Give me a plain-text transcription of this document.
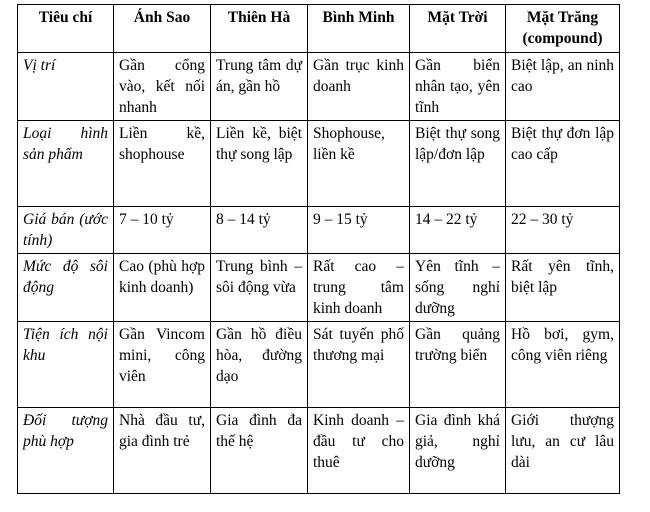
Tiêu chí	Ánh Sao	Thiên Hà	Bình Minh	Mặt Trời	Mặt Trăng (compound)
Vị trí	Gần cổng vào, kết nối nhanh	Trung tâm dự án, gần hồ	Gần trục kinh doanh	Gần biển nhân tạo, yên tĩnh	Biệt lập, an ninh cao
Loại hình sản phẩm	Liền kề, shophouse	Liền kề, biệt thự song lập	Shophouse, liền kề	Biệt thự song lập/đơn lập	Biệt thự đơn lập cao cấp
Giá bán (ước tính)	7 – 10 tỷ	8 – 14 tỷ	9 – 15 tỷ	14 – 22 tỷ	22 – 30 tỷ
Mức độ sôi động	Cao (phù hợp kinh doanh)	Trung bình – sôi động vừa	Rất cao – trung tâm kinh doanh	Yên tĩnh – sống nghỉ dưỡng	Rất yên tĩnh, biệt lập
Tiện ích nội khu	Gần Vincom mini, công viên	Gần hồ điều hòa, đường dạo	Sát tuyến phố thương mại	Gần quảng trường biển	Hồ bơi, gym, công viên riêng
Đối tượng phù hợp	Nhà đầu tư, gia đình trẻ	Gia đình đa thế hệ	Kinh doanh – đầu tư cho thuê	Gia đình khá giả, nghỉ dưỡng	Giới thượng lưu, an cư lâu dài
